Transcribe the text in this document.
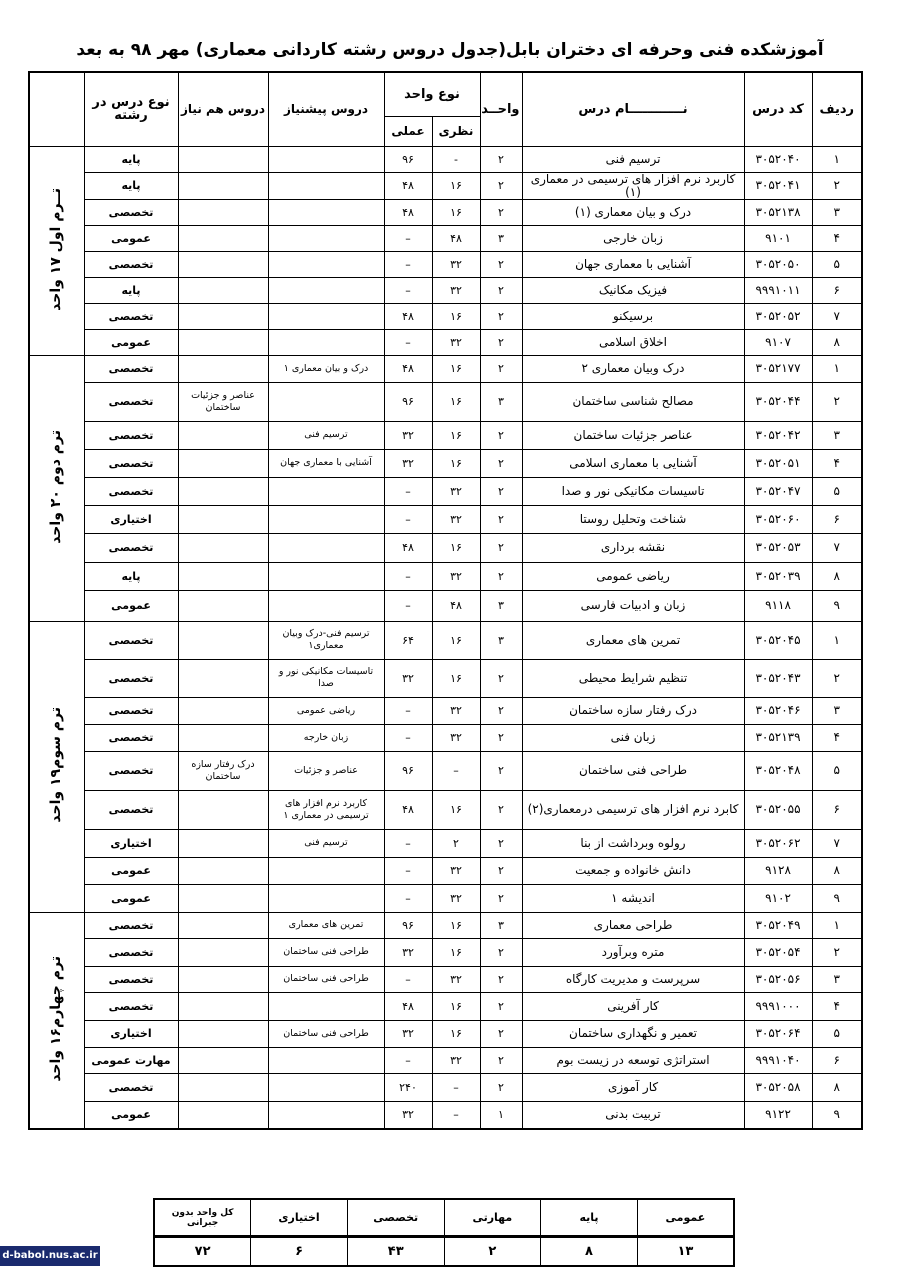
آموزشکده فنی وحرفه ای دختران بابل(جدول دروس رشته کاردانی معماری) مهر ۹۸ به بعد
ردیف	کد درس	نــــــــــــام درس	واحــد	نوع واحد		دروس پیشنیاز	دروس هم نیاز	نوع درس در رشته	
				نظری	عملی				
۱	۳۰۵۲۰۴۰	ترسیم فنی	۲	-	۹۶			پایه	تــرم اول ۱۷ واحد
۲	۳۰۵۲۰۴۱	کاربرد نرم افزار های ترسیمی در معماری (۱)	۲	۱۶	۴۸			پایه	
۳	۳۰۵۲۱۳۸	درک و بیان معماری (۱)	۲	۱۶	۴۸			تخصصی	
۴	۹۱۰۱	زبان خارجی	۳	۴۸	–			عمومی	
۵	۳۰۵۲۰۵۰	آشنایی با معماری جهان	۲	۳۲	–			تخصصی	
۶	۹۹۹۱۰۱۱	فیزیک مکانیک	۲	۳۲	–			پایه	
۷	۳۰۵۲۰۵۲	برسیکنو	۲	۱۶	۴۸			تخصصی	
۸	۹۱۰۷	اخلاق اسلامی	۲	۳۲	–			عمومی	
۱	۳۰۵۲۱۷۷	درک وبیان معماری ۲	۲	۱۶	۴۸	درک و بیان معماری ۱		تخصصی	ترم دوم ۲۰ واحد
۲	۳۰۵۲۰۴۴	مصالح شناسی ساختمان	۳	۱۶	۹۶		عناصر و جزئیات ساختمان	تخصصی	
۳	۳۰۵۲۰۴۲	عناصر جزئیات ساختمان	۲	۱۶	۳۲	ترسیم فنی		تخصصی	
۴	۳۰۵۲۰۵۱	آشنایی با معماری اسلامی	۲	۱۶	۳۲	آشنایی با معماری جهان		تخصصی	
۵	۳۰۵۲۰۴۷	تاسیسات مکانیکی نور و صدا	۲	۳۲	–			تخصصی	
۶	۳۰۵۲۰۶۰	شناخت وتحلیل روستا	۲	۳۲	–			اختیاری	
۷	۳۰۵۲۰۵۳	نقشه برداری	۲	۱۶	۴۸			تخصصی	
۸	۳۰۵۲۰۳۹	ریاضی عمومی	۲	۳۲	–			پایه	
۹	۹۱۱۸	زبان و ادبیات فارسی	۳	۴۸	–			عمومی	
۱	۳۰۵۲۰۴۵	تمرین های معماری	۳	۱۶	۶۴	ترسیم فنی-درک وبیان معماری۱		تخصصی	ترم سوم۱۹ واحد
۲	۳۰۵۲۰۴۳	تنظیم شرایط محیطی	۲	۱۶	۳۲	تاسیسات مکانیکی نور و صدا		تخصصی	
۳	۳۰۵۲۰۴۶	درک رفتار سازه ساختمان	۲	۳۲	–	ریاضی عمومی		تخصصی	
۴	۳۰۵۲۱۳۹	زبان فنی	۲	۳۲	–	زبان خارجه		تخصصی	
۵	۳۰۵۲۰۴۸	طراحی فنی ساختمان	۲	–	۹۶	عناصر و جزئیات	درک رفتار سازه ساختمان	تخصصی	
۶	۳۰۵۲۰۵۵	کابرد نرم افزار های ترسیمی درمعماری(۲)	۲	۱۶	۴۸	کاربرد نرم افزار های ترسیمی در معماری ۱		تخصصی	
۷	۳۰۵۲۰۶۲	رولوه وبرداشت از بنا	۲	۲	–	ترسیم فنی		اختیاری	
۸	۹۱۲۸	دانش خانواده و جمعیت	۲	۳۲	–			عمومی	
۹	۹۱۰۲	اندیشه ۱	۲	۳۲	–			عمومی	
۱	۳۰۵۲۰۴۹	طراحی معماری	۳	۱۶	۹۶	تمرین های معماری		تخصصی	ترم چهارم۱۶ واحد
۲	۳۰۵۲۰۵۴	متره وبرآورد	۲	۱۶	۳۲	طراحی فنی ساختمان		تخصصی	
۳	۳۰۵۲۰۵۶	سرپرست و مدیریت کارگاه	۲	۳۲	–	طراحی فنی ساختمان		تخصصی	
۴	۹۹۹۱۰۰۰	کار آفرینی	۲	۱۶	۴۸			تخصصی	
۵	۳۰۵۲۰۶۴	تعمیر و نگهداری ساختمان	۲	۱۶	۳۲	طراحی فنی ساختمان		اختیاری	
۶	۹۹۹۱۰۴۰	استراتژی توسعه در زیست بوم	۲	۳۲	–			مهارت عمومی	
۸	۳۰۵۲۰۵۸	کار آموزی	۲	–	۲۴۰			تخصصی	
۹	۹۱۲۲	تربیت بدنی	۱	–	۳۲			عمومی	
عمومی	پایه	مهارتی	تخصصی	اختیاری	کل واحد بدون جبرانی
۱۳	۸	۲	۴۳	۶	۷۲
d-babol.nus.ac.ir
